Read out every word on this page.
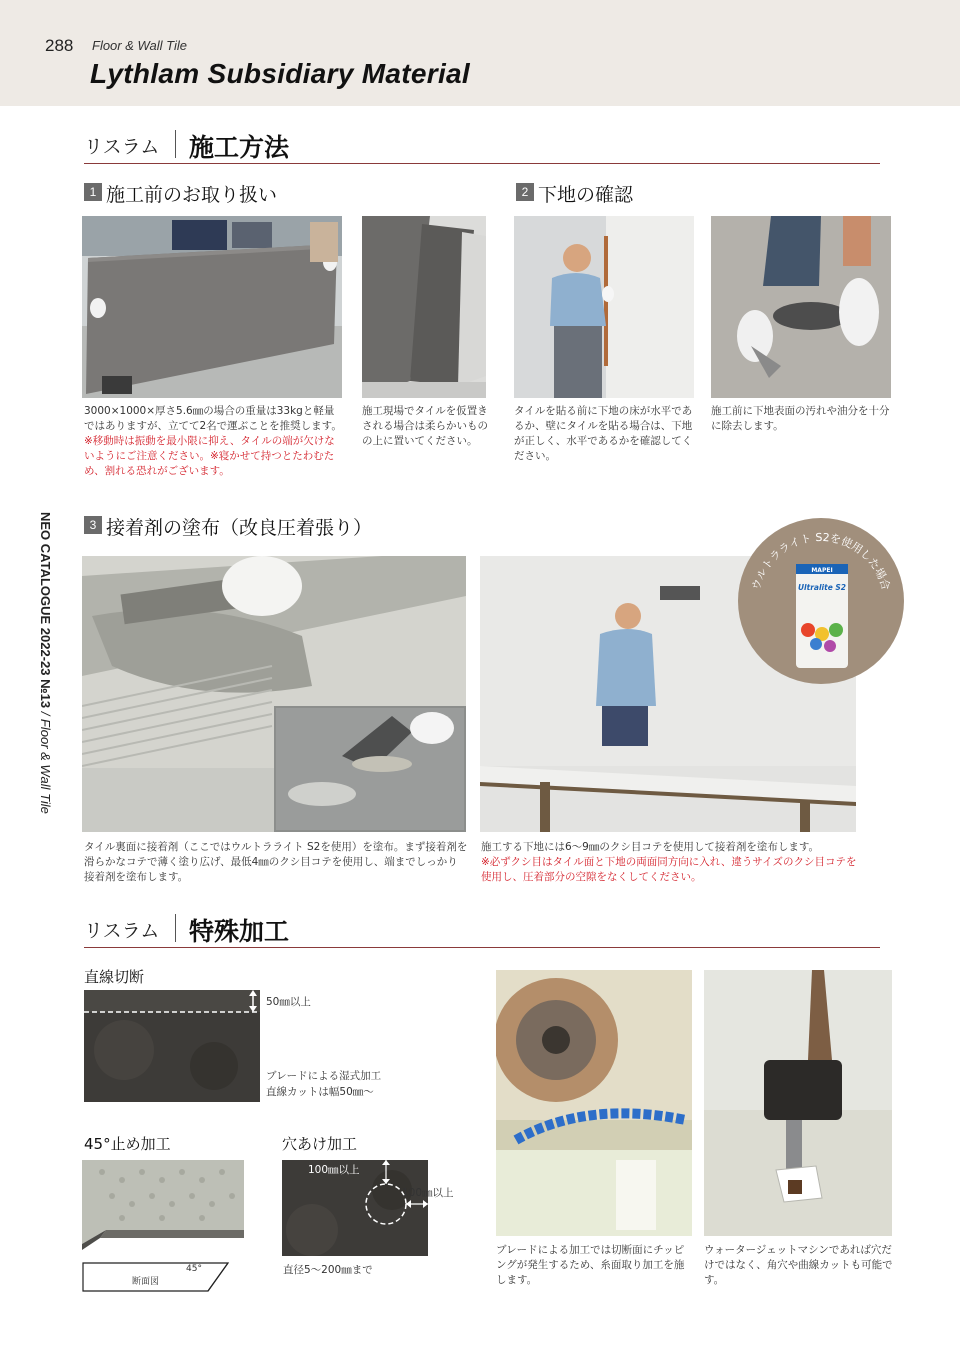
288 Floor & Wall Tile
Lythlam Subsidiary Material
NEO CATALOGUE 2022-23 №13 / Floor & Wall Tile
リスラム 施工方法
1 施工前のお取り扱い
3000×1000×厚さ5.6㎜の場合の重量は33kgと軽量ではありますが、立てて2名で運ぶことを推奨します。※移動時は振動を最小限に抑え、タイルの端が欠けないようにご注意ください。※寝かせて持つとたわむため、割れる恐れがございます。
施工現場でタイルを仮置きされる場合は柔らかいものの上に置いてください。
2 下地の確認
タイルを貼る前に下地の床が水平であるか、壁にタイルを貼る場合は、下地が正しく、水平であるかを確認してください。
施工前に下地表面の汚れや油分を十分に除去します。
3 接着剤の塗布（改良圧着張り）
ウルトラライト S2を使用した場合
MAPEI
Ultralite S2
タイル裏面に接着剤（ここではウルトラライト S2を使用）を塗布。まず接着剤を滑らかなコテで薄く塗り広げ、最低4㎜のクシ目コテを使用し、端までしっかり接着剤を塗布します。
施工する下地には6〜9㎜のクシ目コテを使用して接着剤を塗布します。
※必ずクシ目はタイル面と下地の両面同方向に入れ、違うサイズのクシ目コテを使用し、圧着部分の空隙をなくしてください。
リスラム 特殊加工
直線切断
50㎜以上
ブレードによる湿式加工
直線カットは幅50㎜〜
45°止め加工
45°
断面図
穴あけ加工
100㎜以上
100㎜以上
直径5〜200㎜まで
ブレードによる加工では切断面にチッピングが発生するため、糸面取り加工を施します。
ウォータージェットマシンであれば穴だけではなく、角穴や曲線カットも可能です。
